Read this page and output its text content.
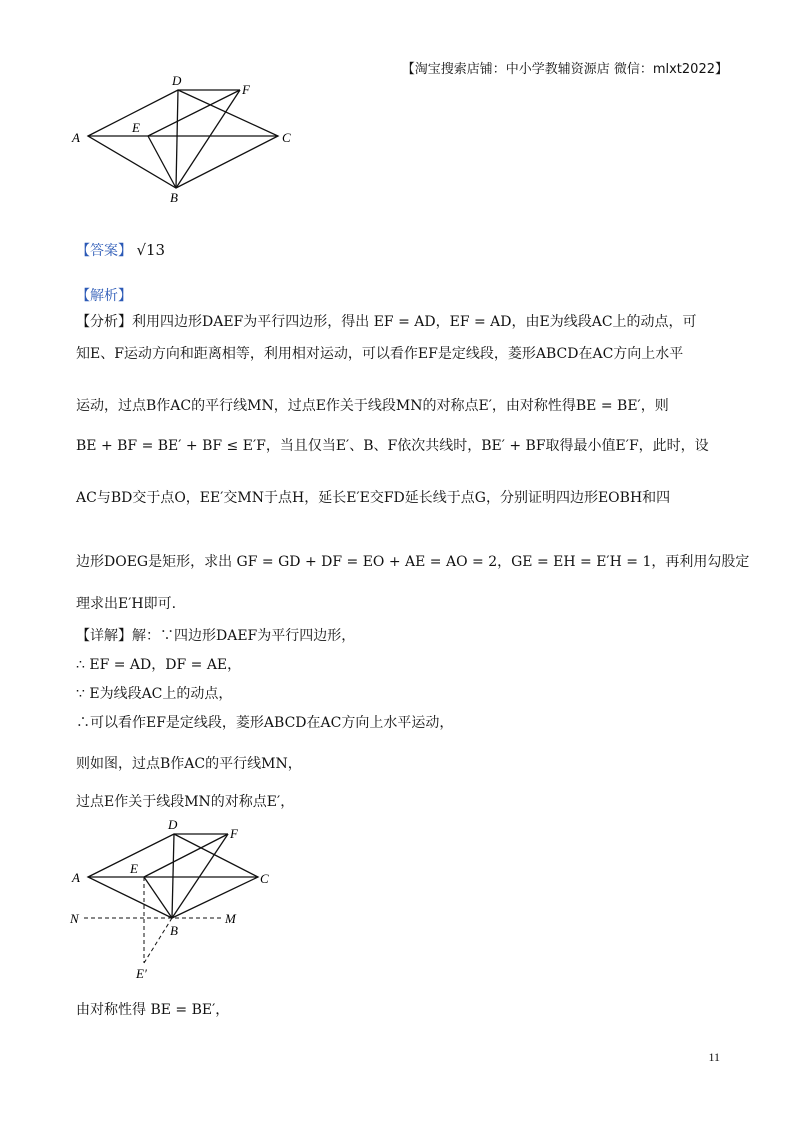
【淘宝搜索店铺：中小学教辅资源店 微信：mlxt2022】
A
D
F
C
E
B
【答案】 √13
【解析】
【分析】利用四边形DAEF为平行四边形，得出 EF = AD，EF = AD，由E为线段AC上的动点，可
知E、F运动方向和距离相等，利用相对运动，可以看作EF是定线段，菱形ABCD在AC方向上水平
运动，过点B作AC的平行线MN，过点E作关于线段MN的对称点E′，由对称性得BE = BE′，则
BE + BF = BE′ + BF ≤ E′F，当且仅当E′、B、F依次共线时，BE′ + BF取得最小值E′F，此时，设
AC与BD交于点O，EE′交MN于点H，延长E′E交FD延长线于点G，分别证明四边形EOBH和四
边形DOEG是矩形，求出 GF = GD + DF = EO + AE = AO = 2，GE = EH = E′H = 1，再利用勾股定
理求出E′H即可.
【详解】解：∵四边形DAEF为平行四边形，
∴ EF = AD，DF = AE，
∵ E为线段AC上的动点，
∴可以看作EF是定线段，菱形ABCD在AC方向上水平运动，
则如图，过点B作AC的平行线MN，
过点E作关于线段MN的对称点E′，
A
D
F
C
E
N	M
B
E′
由对称性得 BE = BE′，
11
